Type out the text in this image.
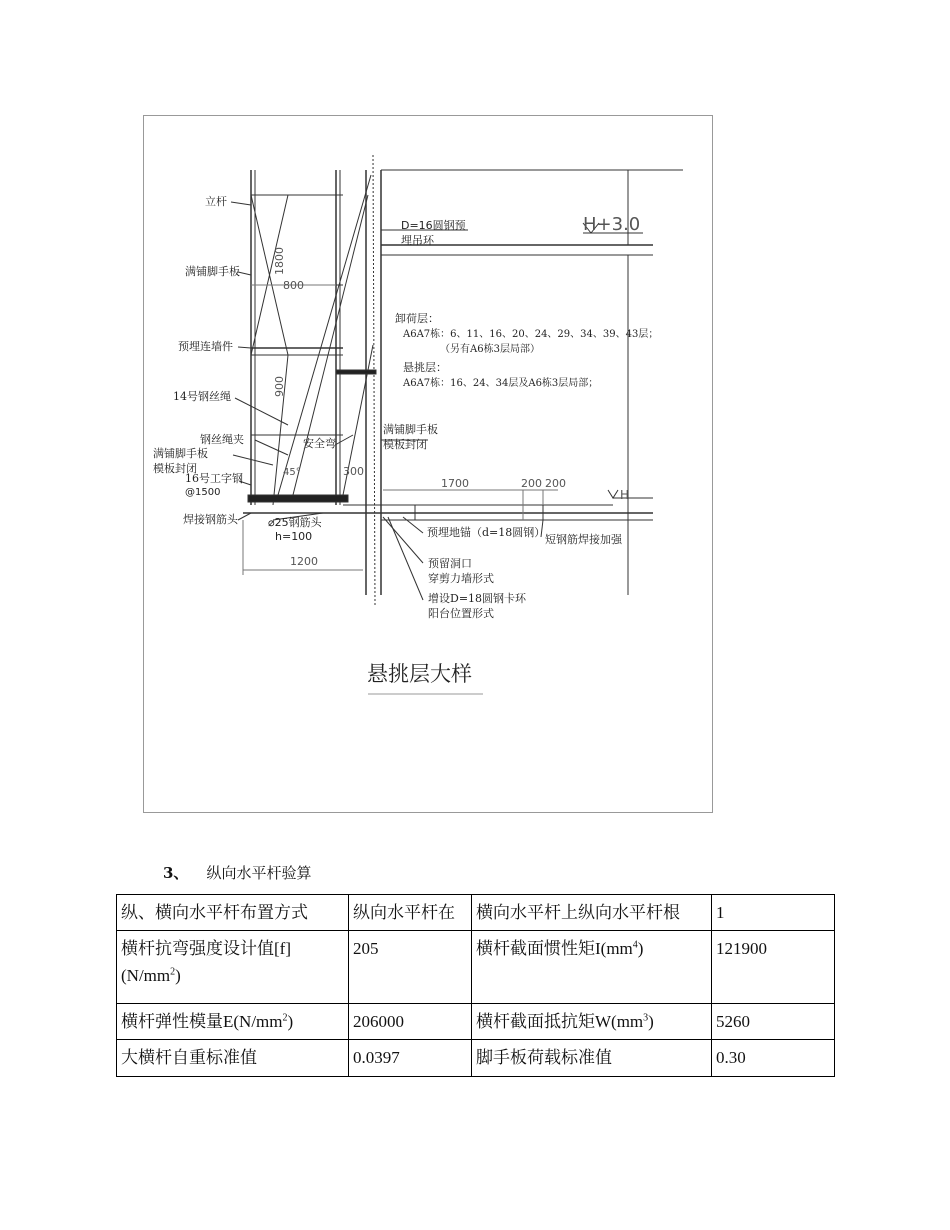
立杆
满铺脚手板
预埋连墙件
14号钢丝绳
钢丝绳夹	安全弯
满铺脚手板
模板封闭
16号工字钢
@1500
焊接钢筋头	⌀25钢筋头
h=100
D=16圆钢预
埋吊环
满铺脚手板
模板封闭
预埋地锚（d=18圆钢）
短钢筋焊接加强
预留洞口
穿剪力墙形式
增设D=18圆钢卡环
阳台位置形式
卸荷层：
A6A7栋：6、11、16、20、24、29、34、39、43层；
（另有A6栋3层局部）
悬挑层：
A6A7栋：16、24、34层及A6栋3层局部；
H+3.0
H
1800
800
900
300
1700	200 200
1200
45°
悬挑层大样
3、 纵向水平杆验算
纵、横向水平杆布置方式	纵向水平杆在	横向水平杆上纵向水平杆根	1
横杆抗弯强度设计值[f]
$(N/mm^2)$	205	横杆截面惯性矩$I(mm^4)$	121900
横杆弹性模量$E(N/mm^2)$	206000	横杆截面抵抗矩$W(mm^3)$	5260
大横杆自重标准值	0.0397	脚手板荷载标准值	0.30
